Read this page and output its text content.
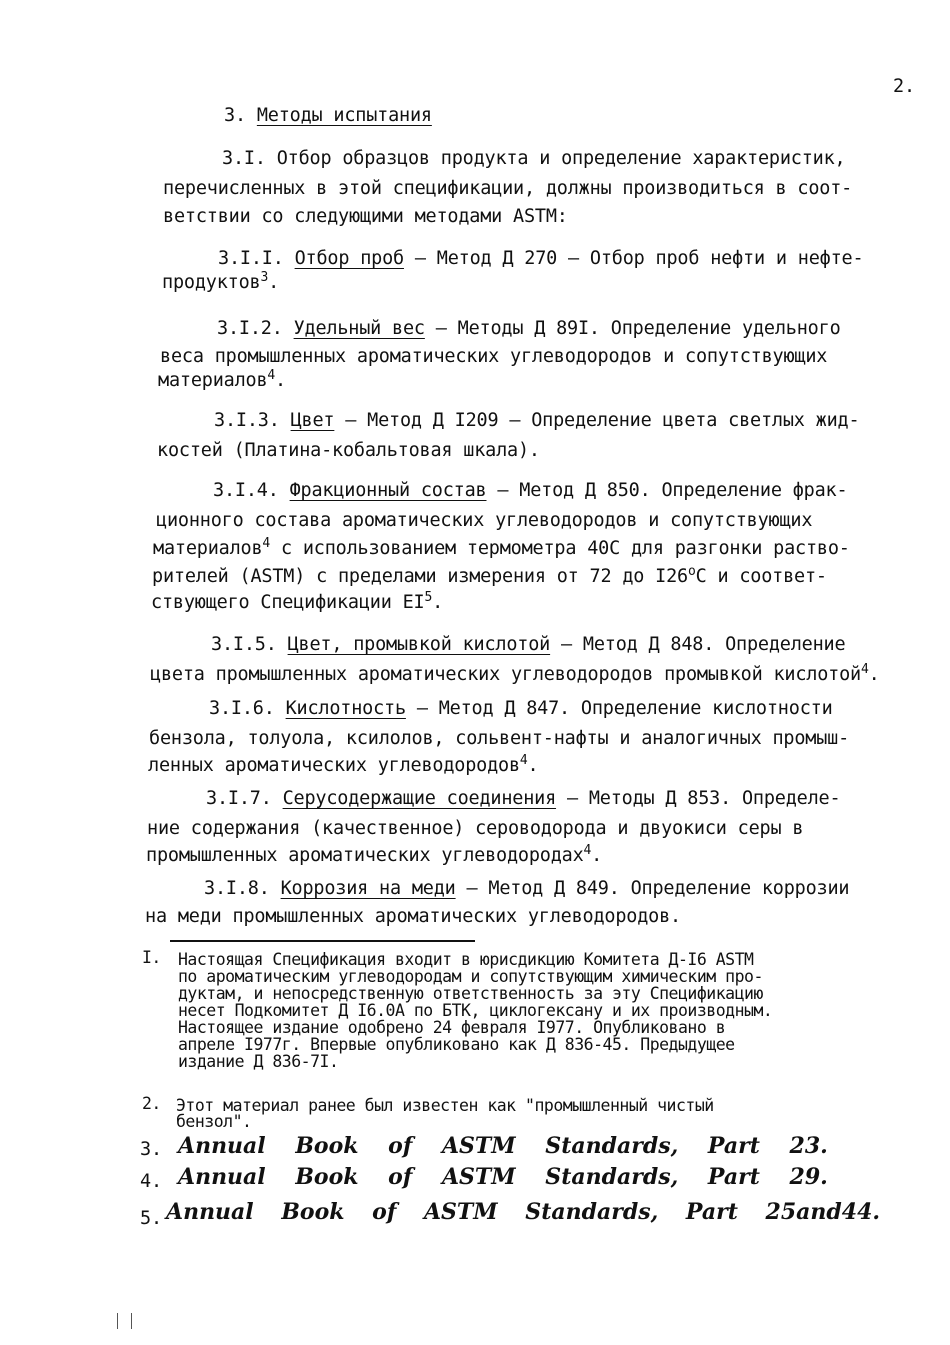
2.
3. Методы испытания
3.I. Отбор образцов продукта и определение характеристик,
перечисленных в этой спецификации, должны производиться в соот-
ветствии со следующими методами ASTM:
3.I.I. Отбор проб – Метод Д 270 – Отбор проб нефти и нефте-
продуктов$^3$.
3.I.2. Удельный вес – Методы Д 89I. Определение удельного
веса промышленных ароматических углеводородов и сопутствующих
материалов$^4$.
3.I.3. Цвет – Метод Д I209 – Определение цвета светлых жид-
костей (Платина-кобальтовая шкала).
3.I.4. Фракционный состав – Метод Д 850. Определение фрак-
ционного состава ароматических углеводородов и сопутствующих
материалов$^4$ с использованием термометра 40С для разгонки раство-
рителей (ASTM) с пределами измерения от 72 до $I26^оС$ и соответ-
ствующего Спецификации $EI^5$.
3.I.5. Цвет, промывкой кислотой – Метод Д 848. Определение
цвета промышленных ароматических углеводородов промывкой кислотой$^4$.
3.I.6. Кислотность – Метод Д 847. Определение кислотности
бензола, толуола, ксилолов, сольвент-нафты и аналогичных промыш-
ленных ароматических углеводородов$^4$.
3.I.7. Серусодержащие соединения – Методы Д 853. Определе-
ние содержания (качественное) сероводорода и двуокиси серы в
промышленных ароматических углеводородах$^4$.
3.I.8. Коррозия на меди – Метод Д 849. Определение коррозии
на меди промышленных ароматических углеводородов.
I. Настоящая Спецификация входит в юрисдикцию Комитета Д-I6 ASTM
по ароматическим углеводородам и сопутствующим химическим про-
дуктам, и непосредственную ответственность за эту Спецификацию
несет Подкомитет Д I6.0А по БТК, циклогексану и их производным.
Настоящее издание одобрено 24 февраля I977. Опубликовано в
апреле I977г. Впервые опубликовано как Д 836-45. Предыдущее
издание Д 836-7I.
2. Этот материал ранее был известен как "промышленный чистый
бензол".
3. Annual Book of ASTM Standards, Part 23.
4. Annual Book of ASTM Standards, Part 29.
5. Annual Book of ASTM Standards, Part 25and44.
